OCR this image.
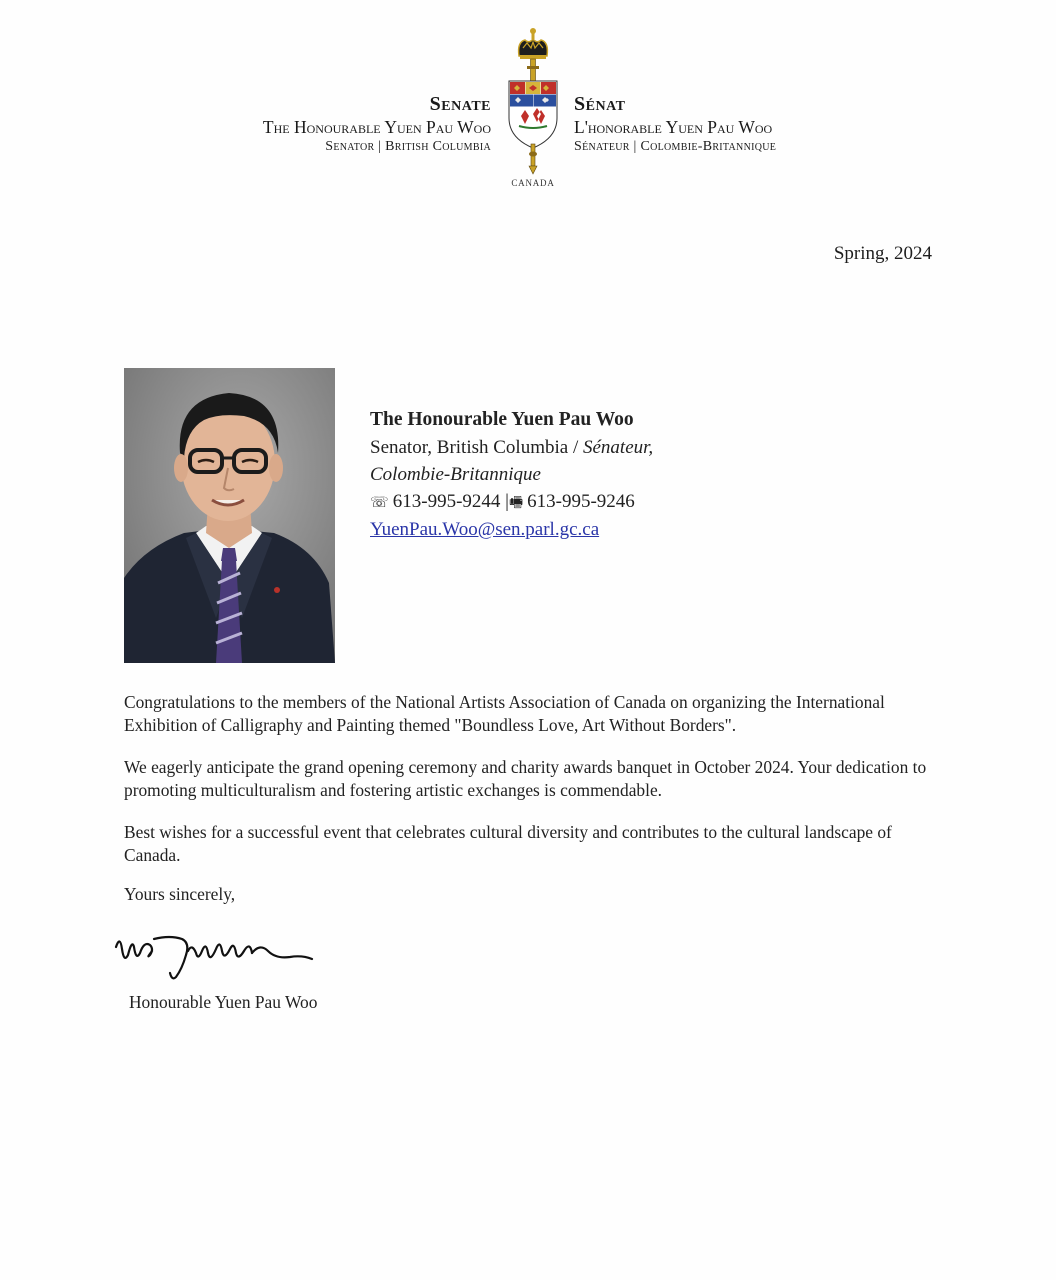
Senate
The Honourable Yuen Pau Woo
Senator | British Columbia
CANADA
Sénat
L'honorable Yuen Pau Woo
Sénateur | Colombie-Britannique
Spring, 2024
The Honourable Yuen Pau Woo
Senator, British Columbia / Sénateur,
Colombie-Britannique
☏ 613-995-9244 |🖷 613-995-9246
YuenPau.Woo@sen.parl.gc.ca

Congratulations to the members of the National Artists Association of Canada on organizing the International Exhibition of Calligraphy and Painting themed "Boundless Love, Art Without Borders".

We eagerly anticipate the grand opening ceremony and charity awards banquet in October 2024. Your dedication to promoting multiculturalism and fostering artistic exchanges is commendable.

Best wishes for a successful event that celebrates cultural diversity and contributes to the cultural landscape of Canada.

Yours sincerely,
Honourable Yuen Pau Woo
